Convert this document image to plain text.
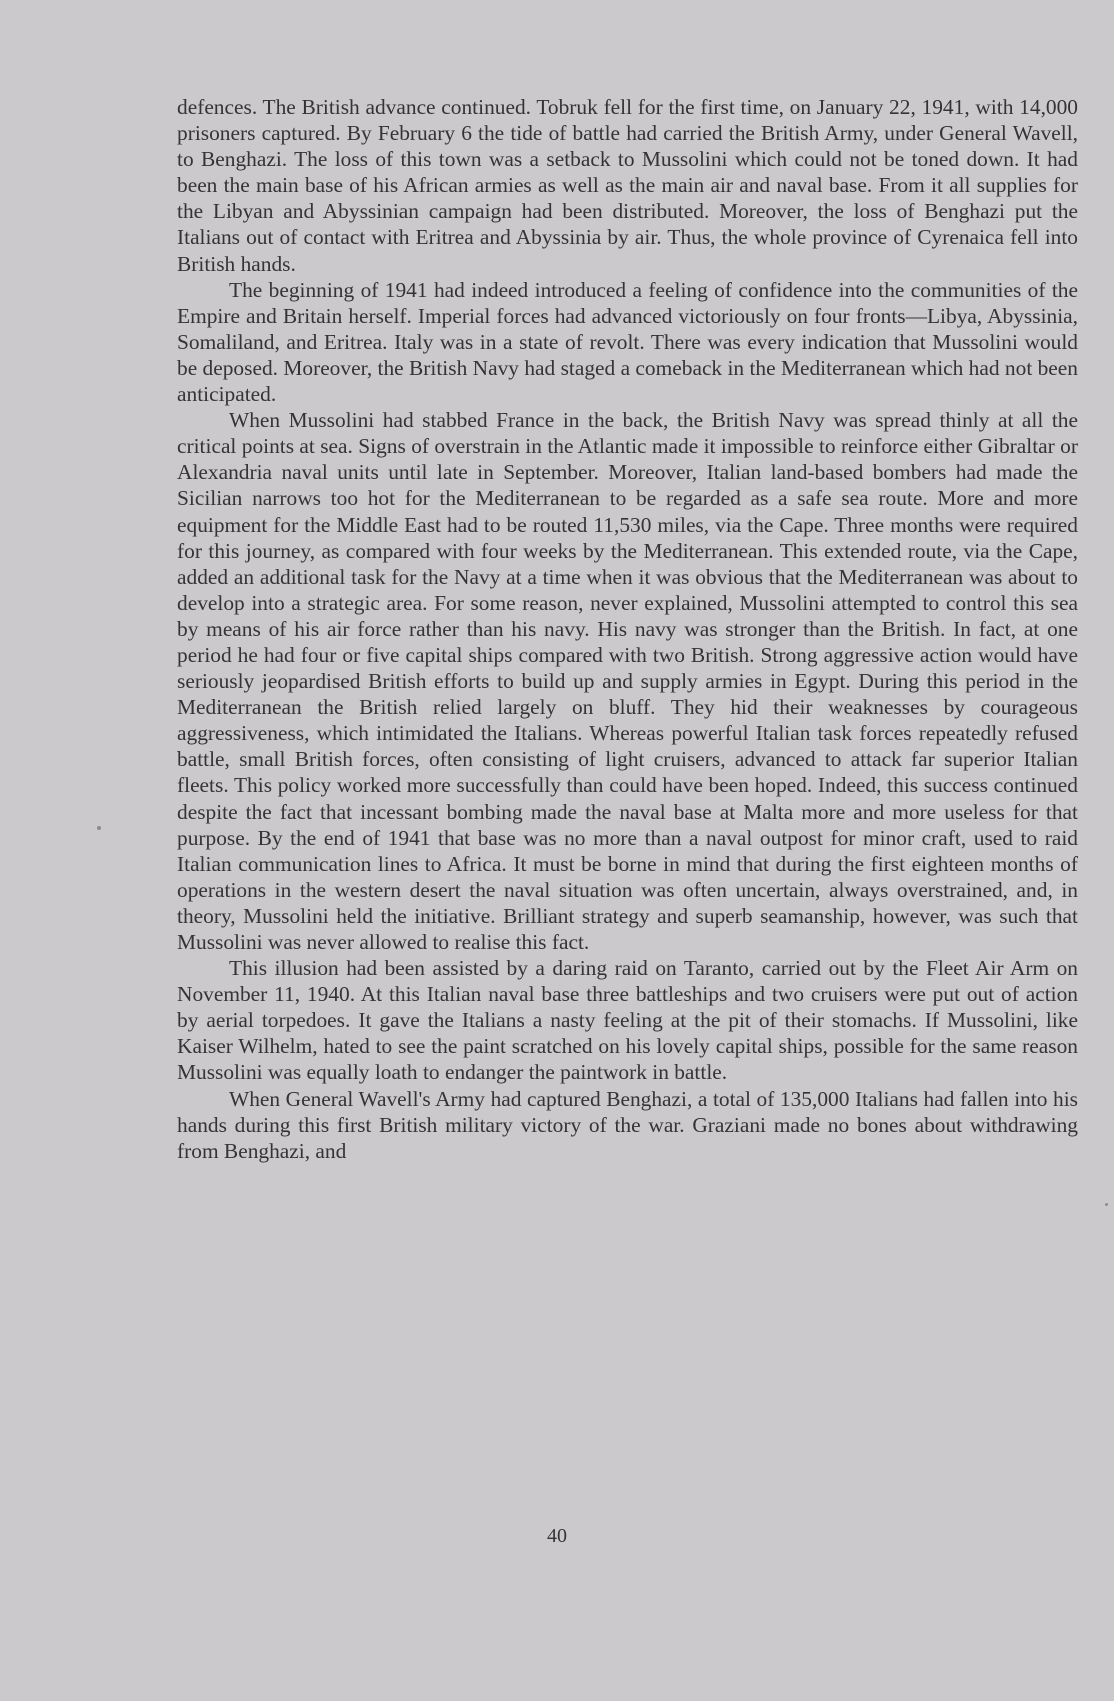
defences. The British advance continued. Tobruk fell for the first time, on January 22, 1941, with 14,000 prisoners captured. By February 6 the tide of battle had carried the British Army, under General Wavell, to Benghazi. The loss of this town was a setback to Mussolini which could not be toned down. It had been the main base of his African armies as well as the main air and naval base. From it all supplies for the Libyan and Abyssinian campaign had been distributed. Moreover, the loss of Benghazi put the Italians out of contact with Eritrea and Abyssinia by air. Thus, the whole province of Cyrenaica fell into British hands.

The beginning of 1941 had indeed introduced a feeling of confidence into the communities of the Empire and Britain herself. Imperial forces had advanced victoriously on four fronts—Libya, Abyssinia, Somaliland, and Eritrea. Italy was in a state of revolt. There was every indication that Mussolini would be deposed. Moreover, the British Navy had staged a comeback in the Mediterranean which had not been anticipated.

When Mussolini had stabbed France in the back, the British Navy was spread thinly at all the critical points at sea. Signs of overstrain in the Atlantic made it impossible to reinforce either Gibraltar or Alexandria naval units until late in September. Moreover, Italian land-based bombers had made the Sicilian narrows too hot for the Mediterranean to be regarded as a safe sea route. More and more equipment for the Middle East had to be routed 11,530 miles, via the Cape. Three months were required for this journey, as compared with four weeks by the Mediterranean. This extended route, via the Cape, added an additional task for the Navy at a time when it was obvious that the Mediterranean was about to develop into a strategic area. For some reason, never explained, Mussolini attempted to control this sea by means of his air force rather than his navy. His navy was stronger than the British. In fact, at one period he had four or five capital ships compared with two British. Strong aggressive action would have seriously jeopardised British efforts to build up and supply armies in Egypt. During this period in the Mediterranean the British relied largely on bluff. They hid their weaknesses by courageous aggressiveness, which intimidated the Italians. Whereas powerful Italian task forces repeatedly refused battle, small British forces, often consisting of light cruisers, advanced to attack far superior Italian fleets. This policy worked more successfully than could have been hoped. Indeed, this success continued despite the fact that incessant bombing made the naval base at Malta more and more useless for that purpose. By the end of 1941 that base was no more than a naval outpost for minor craft, used to raid Italian communication lines to Africa. It must be borne in mind that during the first eighteen months of operations in the western desert the naval situation was often uncertain, always overstrained, and, in theory, Mussolini held the initiative. Brilliant strategy and superb seamanship, however, was such that Mussolini was never allowed to realise this fact.

This illusion had been assisted by a daring raid on Taranto, carried out by the Fleet Air Arm on November 11, 1940. At this Italian naval base three battleships and two cruisers were put out of action by aerial torpedoes. It gave the Italians a nasty feeling at the pit of their stomachs. If Mussolini, like Kaiser Wilhelm, hated to see the paint scratched on his lovely capital ships, possible for the same reason Mussolini was equally loath to endanger the paintwork in battle.

When General Wavell's Army had captured Benghazi, a total of 135,000 Italians had fallen into his hands during this first British military victory of the war. Graziani made no bones about withdrawing from Benghazi, and

40
